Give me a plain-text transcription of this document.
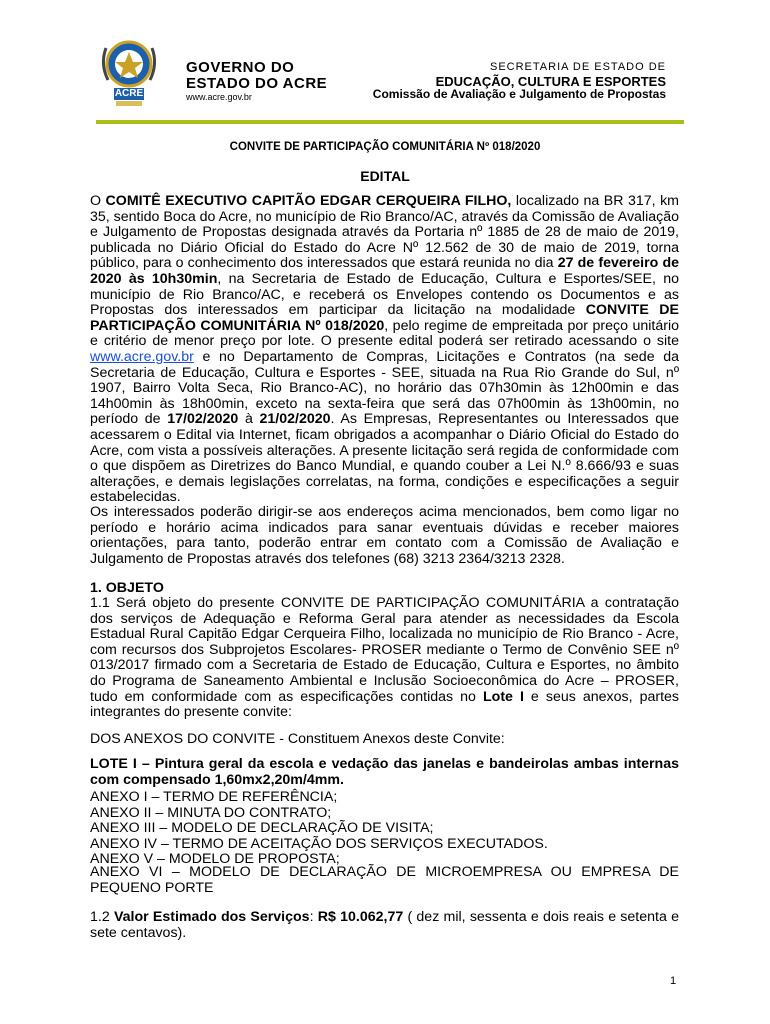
ACRE
GOVERNO DO
ESTADO DO ACRE
www.acre.gov.br
SECRETARIA DE ESTADO DE
EDUCAÇÃO, CULTURA E ESPORTES
Comissão de Avaliação e Julgamento de Propostas
CONVITE DE PARTICIPAÇÃO COMUNITÁRIA Nº 018/2020
EDITAL
O COMITÊ EXECUTIVO CAPITÃO EDGAR CERQUEIRA FILHO, localizado na BR 317, km 35, sentido Boca do Acre, no município de Rio Branco/AC, através da Comissão de Avaliação e Julgamento de Propostas designada através da Portaria nº 1885 de 28 de maio de 2019, publicada no Diário Oficial do Estado do Acre Nº 12.562 de 30 de maio de 2019, torna público, para o conhecimento dos interessados que estará reunida no dia 27 de fevereiro de 2020 às 10h30min, na Secretaria de Estado de Educação, Cultura e Esportes/SEE, no município de Rio Branco/AC, e receberá os Envelopes contendo os Documentos e as Propostas dos interessados em participar da licitação na modalidade CONVITE DE PARTICIPAÇÃO COMUNITÁRIA Nº 018/2020, pelo regime de empreitada por preço unitário e critério de menor preço por lote. O presente edital poderá ser retirado acessando o site www.acre.gov.br e no Departamento de Compras, Licitações e Contratos (na sede da Secretaria de Educação, Cultura e Esportes - SEE, situada na Rua Rio Grande do Sul, nº 1907, Bairro Volta Seca, Rio Branco-AC), no horário das 07h30min às 12h00min e das 14h00min às 18h00min, exceto na sexta-feira que será das 07h00min às 13h00min, no período de 17/02/2020 à 21/02/2020. As Empresas, Representantes ou Interessados que acessarem o Edital via Internet, ficam obrigados a acompanhar o Diário Oficial do Estado do Acre, com vista a possíveis alterações. A presente licitação será regida de conformidade com o que dispõem as Diretrizes do Banco Mundial, e quando couber a Lei N.º 8.666/93 e suas alterações, e demais legislações correlatas, na forma, condições e especificações a seguir estabelecidas.
Os interessados poderão dirigir-se aos endereços acima mencionados, bem como ligar no período e horário acima indicados para sanar eventuais dúvidas e receber maiores orientações, para tanto, poderão entrar em contato com a Comissão de Avaliação e Julgamento de Propostas através dos telefones (68) 3213 2364/3213 2328.
1. OBJETO
1.1 Será objeto do presente CONVITE DE PARTICIPAÇÃO COMUNITÁRIA a contratação dos serviços de Adequação e Reforma Geral para atender as necessidades da Escola Estadual Rural Capitão Edgar Cerqueira Filho, localizada no município de Rio Branco - Acre, com recursos dos Subprojetos Escolares- PROSER mediante o Termo de Convênio SEE nº 013/2017 firmado com a Secretaria de Estado de Educação, Cultura e Esportes, no âmbito do Programa de Saneamento Ambiental e Inclusão Socioeconômica do Acre – PROSER, tudo em conformidade com as especificações contidas no Lote I e seus anexos, partes integrantes do presente convite:
DOS ANEXOS DO CONVITE - Constituem Anexos deste Convite:
LOTE I – Pintura geral da escola e vedação das janelas e bandeirolas ambas internas com compensado 1,60mx2,20m/4mm.
ANEXO I – TERMO DE REFERÊNCIA;
ANEXO II – MINUTA DO CONTRATO;
ANEXO III – MODELO DE DECLARAÇÃO DE VISITA;
ANEXO IV – TERMO DE ACEITAÇÃO DOS SERVIÇOS EXECUTADOS.
ANEXO V – MODELO DE PROPOSTA;
ANEXO VI – MODELO DE DECLARAÇÃO DE MICROEMPRESA OU EMPRESA DE PEQUENO PORTE
1.2 Valor Estimado dos Serviços: R$ 10.062,77 ( dez mil, sessenta e dois reais e setenta e sete centavos).
1
